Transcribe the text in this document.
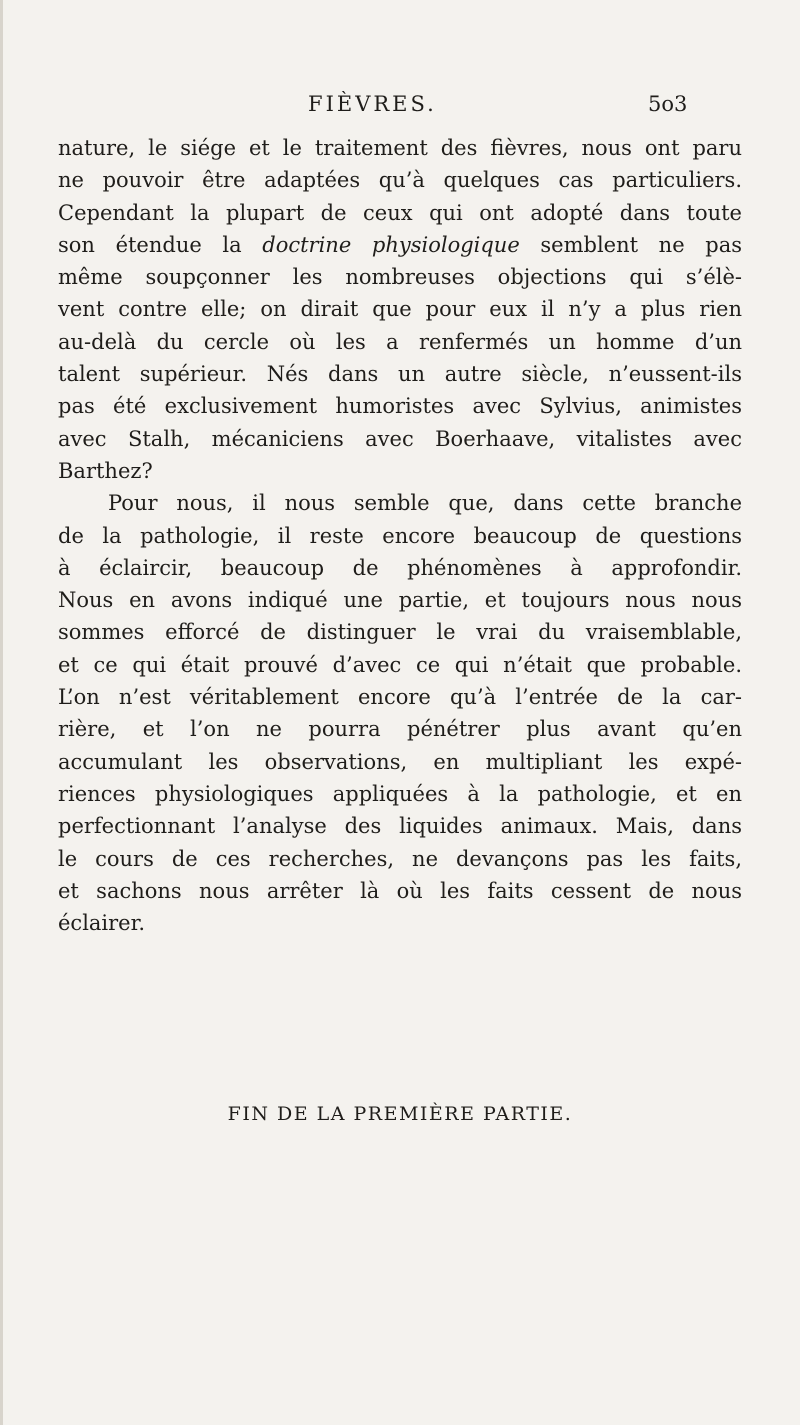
FIÈVRES.	5o3
nature, le siége et le traitement des fièvres, nous ont paru
ne pouvoir être adaptées qu’à quelques cas particuliers.
Cependant la plupart de ceux qui ont adopté dans toute
son étendue la doctrine physiologique semblent ne pas
même soupçonner les nombreuses objections qui s’élè-
vent contre elle; on dirait que pour eux il n’y a plus rien
au-delà du cercle où les a renfermés un homme d’un
talent supérieur. Nés dans un autre siècle, n’eussent-ils
pas été exclusivement humoristes avec Sylvius, animistes
avec Stalh, mécaniciens avec Boerhaave, vitalistes avec
Barthez?
Pour nous, il nous semble que, dans cette branche
de la pathologie, il reste encore beaucoup de questions
à éclaircir, beaucoup de phénomènes à approfondir.
Nous en avons indiqué une partie, et toujours nous nous
sommes efforcé de distinguer le vrai du vraisemblable,
et ce qui était prouvé d’avec ce qui n’était que probable.
L’on n’est véritablement encore qu’à l’entrée de la car-
rière, et l’on ne pourra pénétrer plus avant qu’en
accumulant les observations, en multipliant les expé-
riences physiologiques appliquées à la pathologie, et en
perfectionnant l’analyse des liquides animaux. Mais, dans
le cours de ces recherches, ne devançons pas les faits,
et sachons nous arrêter là où les faits cessent de nous
éclairer.
FIN DE LA PREMIÈRE PARTIE.
